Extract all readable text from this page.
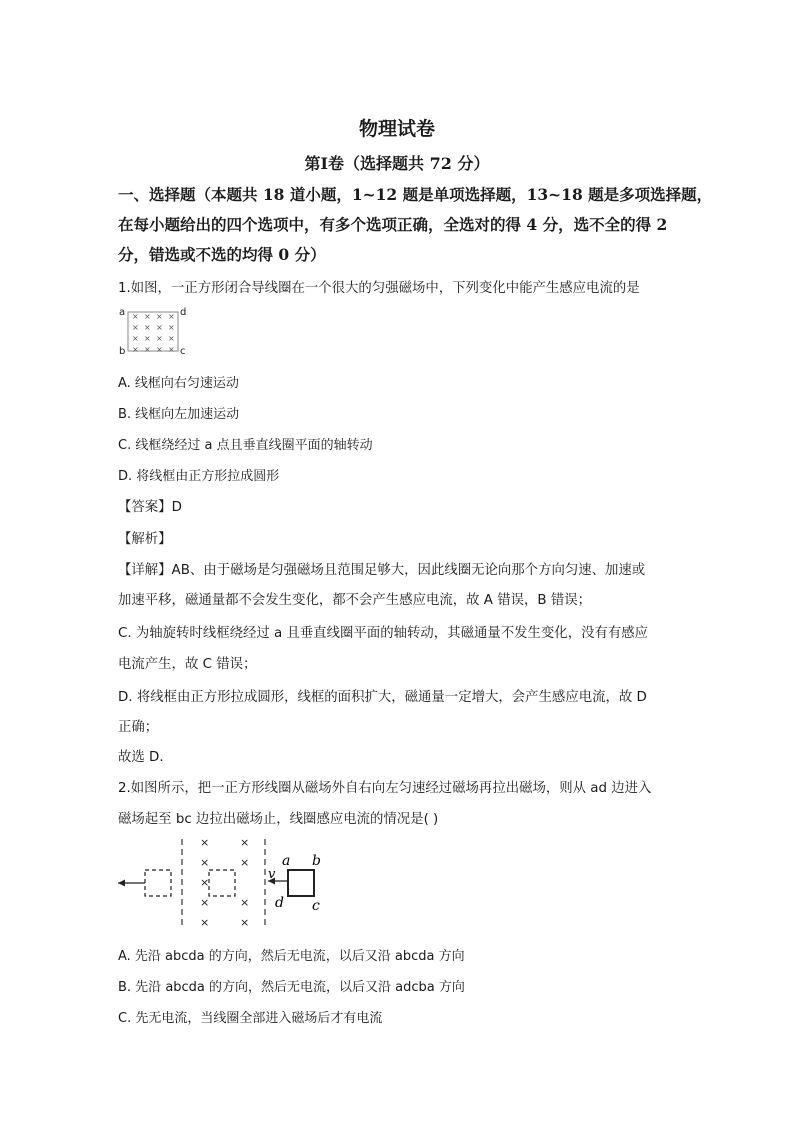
物理试卷
第Ⅰ卷（选择题共 72 分）
一、选择题（本题共 18 道小题，1~12 题是单项选择题，13~18 题是多项选择题，
在每小题给出的四个选项中，有多个选项正确，全选对的得 4 分，选不全的得 2
分，错选或不选的均得 0 分）
1.如图，一正方形闭合导线圈在一个很大的匀强磁场中，下列变化中能产生感应电流的是
× × × ×
× × × ×
× × × ×
× × × ×
a	d
b	c
A. 线框向右匀速运动
B. 线框向左加速运动
C. 线框绕经过 a 点且垂直线圈平面的轴转动
D. 将线框由正方形拉成圆形
【答案】D
【解析】
【详解】AB、由于磁场是匀强磁场且范围足够大，因此线圈无论向那个方向匀速、加速或
加速平移，磁通量都不会发生变化，都不会产生感应电流，故 A 错误，B 错误；
C. 为轴旋转时线框绕经过 a 且垂直线圈平面的轴转动，其磁通量不发生变化，没有有感应
电流产生，故 C 错误；
D. 将线框由正方形拉成圆形，线框的面积扩大，磁通量一定增大，会产生感应电流，故 D
正确；
故选 D．
2.如图所示，把一正方形线圈从磁场外自右向左匀速经过磁场再拉出磁场，则从 ad 边进入
磁场起至 bc 边拉出磁场止，线圈感应电流的情况是( )
×
×
×
×
×
×
×
×
×
v
a b
d c
A. 先沿 abcda 的方向，然后无电流，以后又沿 abcda 方向
B. 先沿 abcda 的方向，然后无电流，以后又沿 adcba 方向
C. 先无电流，当线圈全部进入磁场后才有电流
